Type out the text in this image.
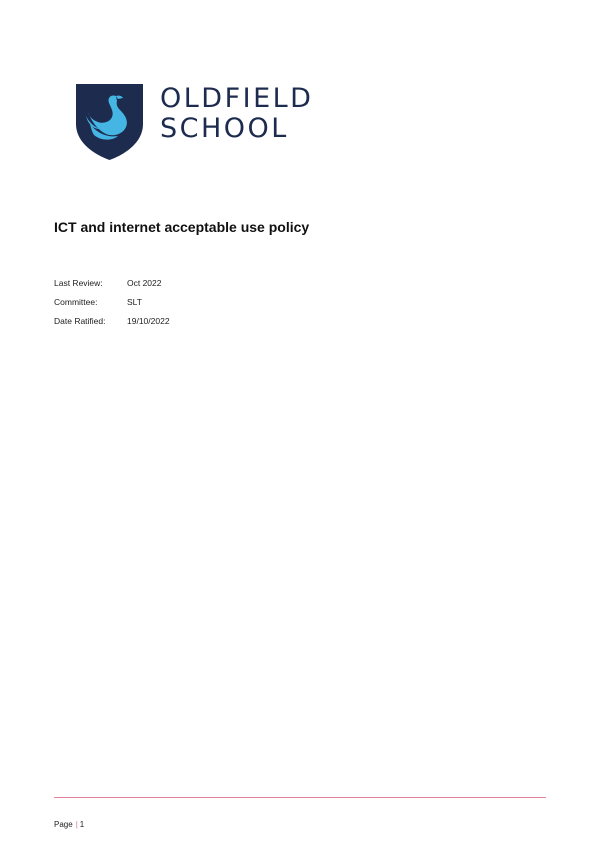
OLDFIELD
SCHOOL
ICT and internet acceptable use policy
Last Review:	Oct 2022
Committee:	SLT
Date Ratified:	19/10/2022
Page | 1
